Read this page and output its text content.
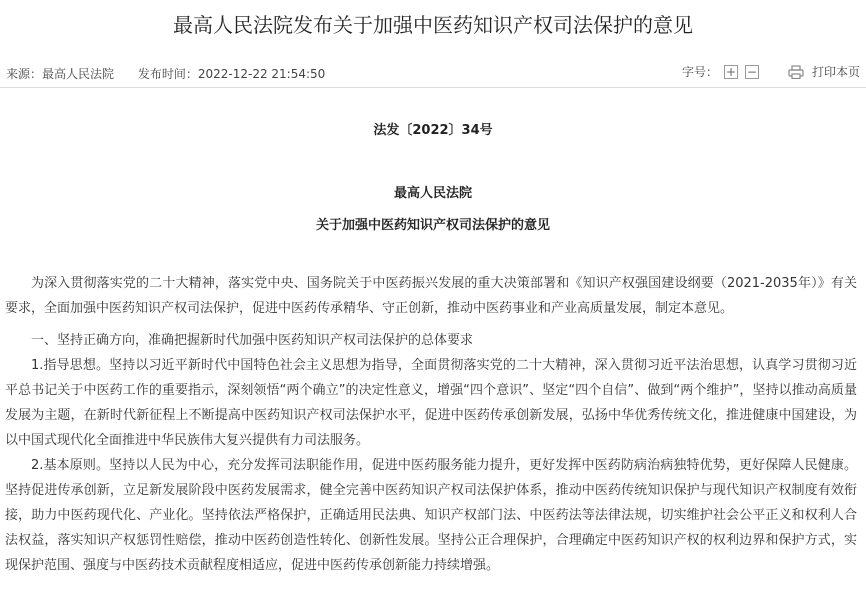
最高人民法院发布关于加强中医药知识产权司法保护的意见
来源：最高人民法院 发布时间：2022-12-22 21:54:50	字号： + −	打印本页
法发〔2022〕34号
最高人民法院
关于加强中医药知识产权司法保护的意见

为深入贯彻落实党的二十大精神，落实党中央、国务院关于中医药振兴发展的重大决策部署和《知识产权强国建设纲要（2021-2035年）》有关要求，全面加强中医药知识产权司法保护，促进中医药传承精华、守正创新，推动中医药事业和产业高质量发展，制定本意见。

一、坚持正确方向，准确把握新时代加强中医药知识产权司法保护的总体要求

1.指导思想。坚持以习近平新时代中国特色社会主义思想为指导，全面贯彻落实党的二十大精神，深入贯彻习近平法治思想，认真学习贯彻习近平总书记关于中医药工作的重要指示，深刻领悟“两个确立”的决定性意义，增强“四个意识”、坚定“四个自信”、做到“两个维护”，坚持以推动高质量发展为主题，在新时代新征程上不断提高中医药知识产权司法保护水平，促进中医药传承创新发展，弘扬中华优秀传统文化，推进健康中国建设，为以中国式现代化全面推进中华民族伟大复兴提供有力司法服务。

2.基本原则。坚持以人民为中心，充分发挥司法职能作用，促进中医药服务能力提升，更好发挥中医药防病治病独特优势，更好保障人民健康。坚持促进传承创新，立足新发展阶段中医药发展需求，健全完善中医药知识产权司法保护体系，推动中医药传统知识保护与现代知识产权制度有效衔接，助力中医药现代化、产业化。坚持依法严格保护，正确适用民法典、知识产权部门法、中医药法等法律法规，切实维护社会公平正义和权利人合法权益，落实知识产权惩罚性赔偿，推动中医药创造性转化、创新性发展。坚持公正合理保护，合理确定中医药知识产权的权利边界和保护方式，实现保护范围、强度与中医药技术贡献程度相适应，促进中医药传承创新能力持续增强。
